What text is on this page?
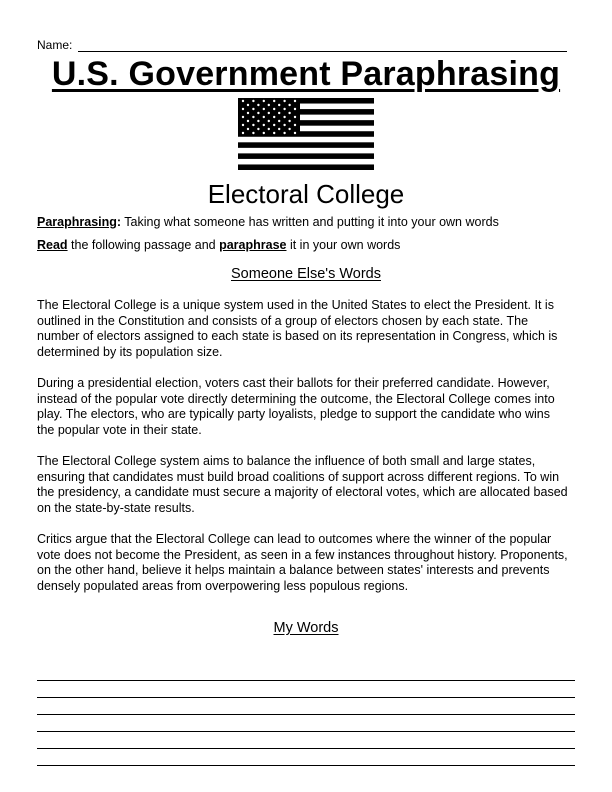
Name:
U.S. Government Paraphrasing
Electoral College
Paraphrasing: Taking what someone has written and putting it into your own words
Read the following passage and paraphrase it in your own words
Someone Else's Words

The Electoral College is a unique system used in the United States to elect the President. It is outlined in the Constitution and consists of a group of electors chosen by each state. The number of electors assigned to each state is based on its representation in Congress, which is determined by its population size.

During a presidential election, voters cast their ballots for their preferred candidate. However, instead of the popular vote directly determining the outcome, the Electoral College comes into play. The electors, who are typically party loyalists, pledge to support the candidate who wins the popular vote in their state.

The Electoral College system aims to balance the influence of both small and large states, ensuring that candidates must build broad coalitions of support across different regions. To win the presidency, a candidate must secure a majority of electoral votes, which are allocated based on the state-by-state results.

Critics argue that the Electoral College can lead to outcomes where the winner of the popular vote does not become the President, as seen in a few instances throughout history. Proponents, on the other hand, believe it helps maintain a balance between states' interests and prevents densely populated areas from overpowering less populous regions.

My Words
